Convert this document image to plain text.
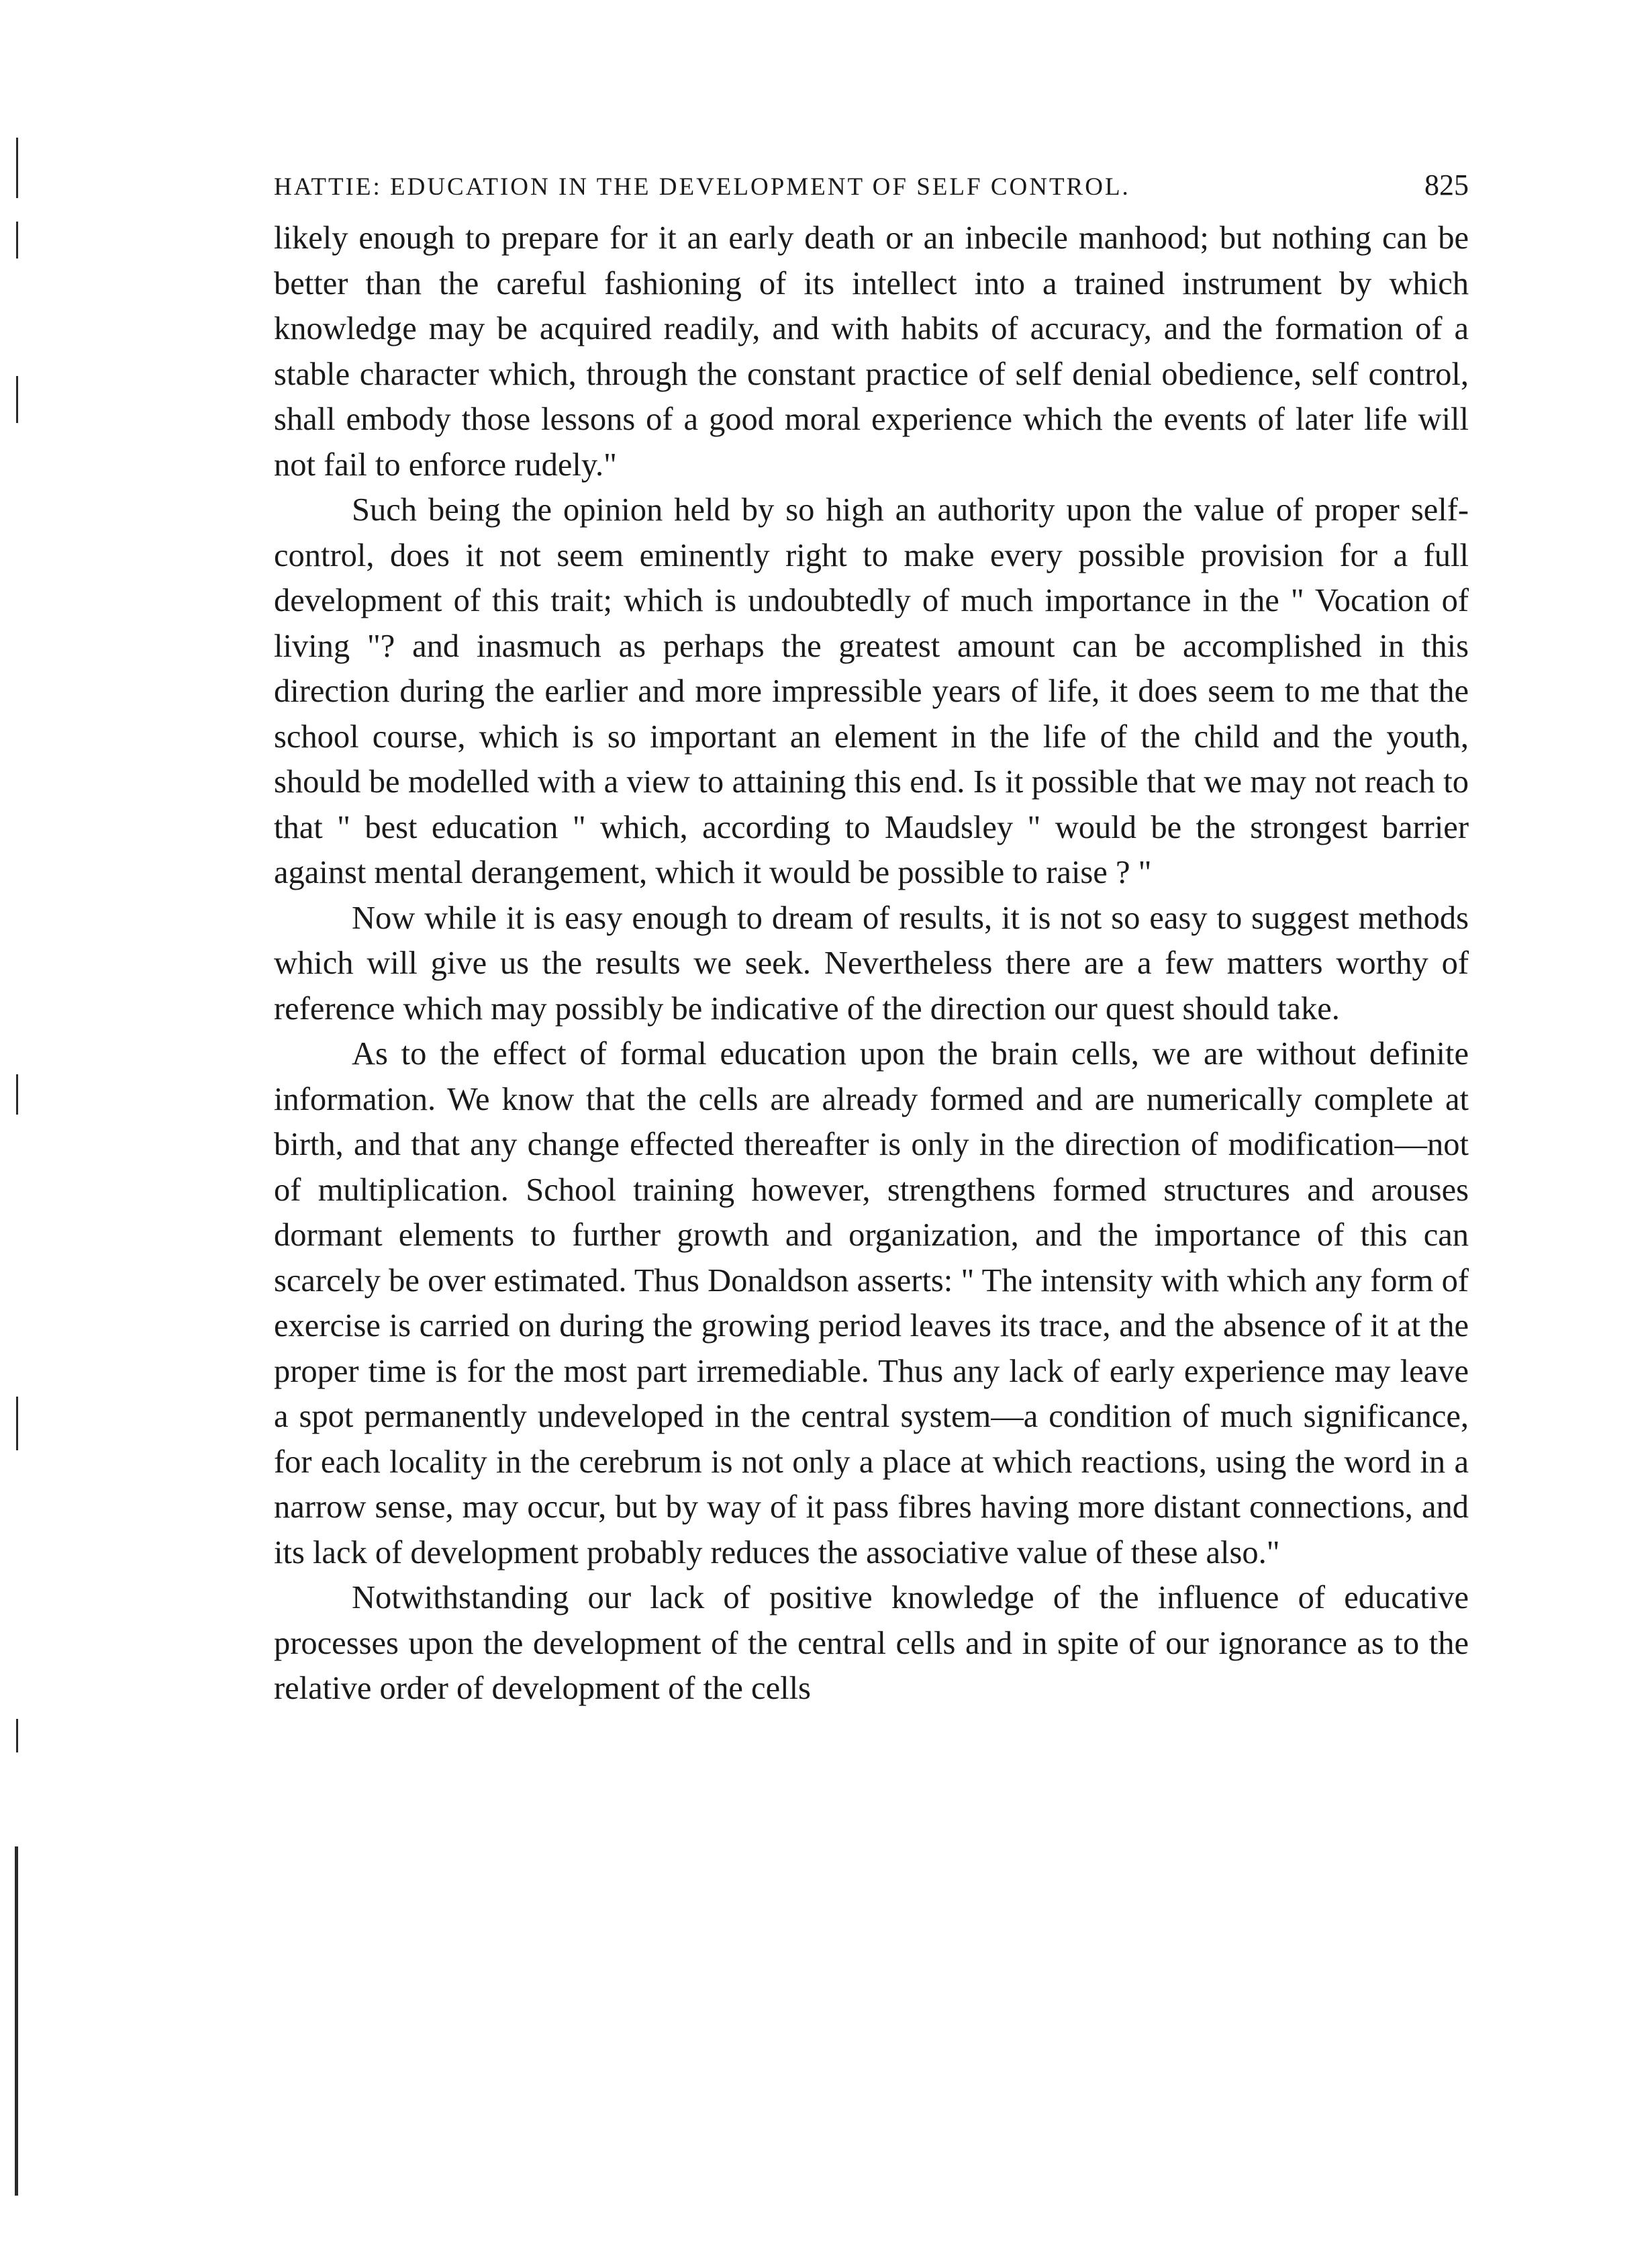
HATTIE: EDUCATION IN THE DEVELOPMENT OF SELF CONTROL.	825

likely enough to prepare for it an early death or an inbecile manhood; but nothing can be better than the careful fashioning of its intellect into a trained instrument by which knowledge may be acquired readily, and with habits of accuracy, and the formation of a stable character which, through the constant practice of self denial obedience, self control, shall embody those lessons of a good moral experience which the events of later life will not fail to enforce rudely."

Such being the opinion held by so high an authority upon the value of proper self-control, does it not seem eminently right to make every possible provision for a full development of this trait; which is undoubtedly of much importance in the " Vocation of living "? and inasmuch as perhaps the greatest amount can be accomplished in this direction during the earlier and more impressible years of life, it does seem to me that the school course, which is so important an element in the life of the child and the youth, should be modelled with a view to attaining this end. Is it possible that we may not reach to that " best education " which, according to Maudsley " would be the strongest barrier against mental derangement, which it would be possible to raise ? "

Now while it is easy enough to dream of results, it is not so easy to suggest methods which will give us the results we seek. Nevertheless there are a few matters worthy of reference which may possibly be indicative of the direction our quest should take.

As to the effect of formal education upon the brain cells, we are without definite information. We know that the cells are already formed and are numerically complete at birth, and that any change effected thereafter is only in the direction of modification—not of multiplication. School training however, strengthens formed structures and arouses dormant elements to further growth and organization, and the importance of this can scarcely be over estimated. Thus Donaldson asserts: " The intensity with which any form of exercise is carried on during the growing period leaves its trace, and the absence of it at the proper time is for the most part irremediable. Thus any lack of early experience may leave a spot permanently undeveloped in the central system—a condition of much significance, for each locality in the cerebrum is not only a place at which reactions, using the word in a narrow sense, may occur, but by way of it pass fibres having more distant connections, and its lack of development probably reduces the associative value of these also."

Notwithstanding our lack of positive knowledge of the influence of educative processes upon the development of the central cells and in spite of our ignorance as to the relative order of development of the cells
